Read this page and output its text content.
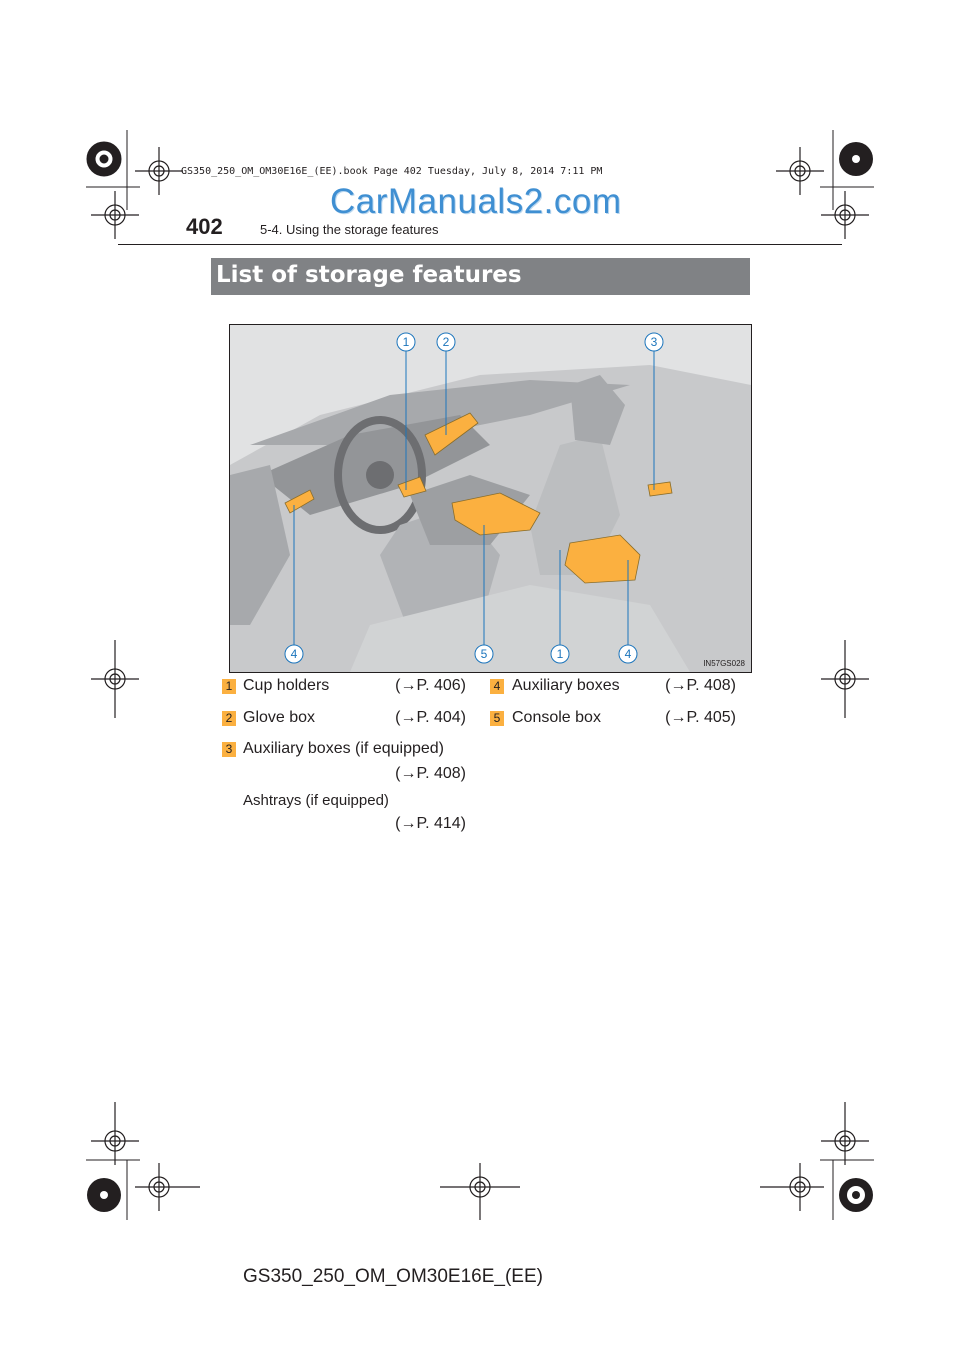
GS350_250_OM_OM30E16E_(EE).book Page 402 Tuesday, July 8, 2014 7:11 PM
CarManuals2.com
402	5-4. Using the storage features
List of storage features
1	2	3
4	5	1	4
IN57GS028
1 Cup holders	(→P. 406)
2 Glove box	(→P. 404)
3 Auxiliary boxes (if equipped)
(→P. 408)
Ashtrays (if equipped)
(→P. 414)
4 Auxiliary boxes	(→P. 408)
5 Console box	(→P. 405)
GS350_250_OM_OM30E16E_(EE)
